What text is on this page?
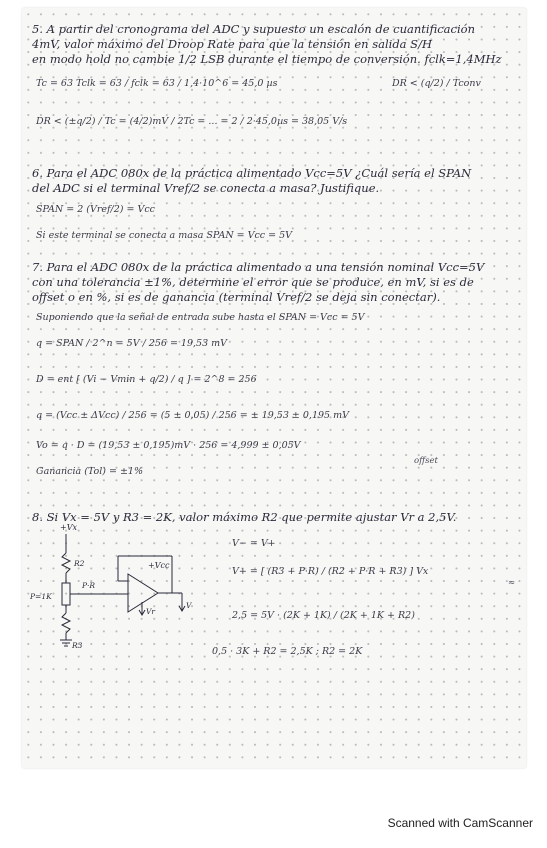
5. A partir del cronograma del ADC y supuesto un escalón de cuantificación
4mV, valor máximo del Droop Rate para que la tensión en salida S/H
en modo hold no cambie 1/2 LSB durante el tiempo de conversión. fclk=1,4MHz
Tc = 63 Tclk = 63 / fclk = 63 / 1,4·10^6 = 45,0 µs	DR < (q/2) / Tconv
DR < (±q/2) / Tc = (4/2)mV / 2Tc = ... = 2 / 2·45,0µs = 38,05 V/s
6. Para el ADC 080x de la práctica alimentado Vcc=5V ¿Cuál sería el SPAN
del ADC si el terminal Vref/2 se conecta a masa? Justifique.
SPAN = 2 (Vref/2) = Vcc
Si este terminal se conecta a masa SPAN = Vcc = 5V
7. Para el ADC 080x de la práctica alimentado a una tensión nominal Vcc=5V
con una tolerancia ±1%, determine el error que se produce, en mV, si es de
offset o en %, si es de ganancia (terminal Vref/2 se deja sin conectar).
Suponiendo que la señal de entrada sube hasta el SPAN = Vcc = 5V
q = SPAN / 2^n = 5V / 256 = 19,53 mV
D = ent [ (Vi − Vmin + q/2) / q ] = 2^8 = 256
q = (Vcc ± ΔVcc) / 256 = (5 ± 0,05) / 256 = ± 19,53 ± 0,195 mV
Vo = q · D = (19,53 ± 0,195)mV · 256 = 4,999 ± 0,05V
offset
Ganancia (Tol) = ±1%
8. Si Vx = 5V y R3 = 2K, valor máximo R2 que permite ajustar Vr a 2,5V.
V− = V+
V+ = [ (R3 + P·R) / (R2 + P·R + R3) ] Vx
≈
2,5 = 5V · (2K + 1K) / (2K + 1K + R2)
0,5 · 3K + R2 = 2,5K ; R2 = 2K
+Vx
+Vcc
R2
R3
P·R
P=1K
Vr
V
Scanned with CamScanner
